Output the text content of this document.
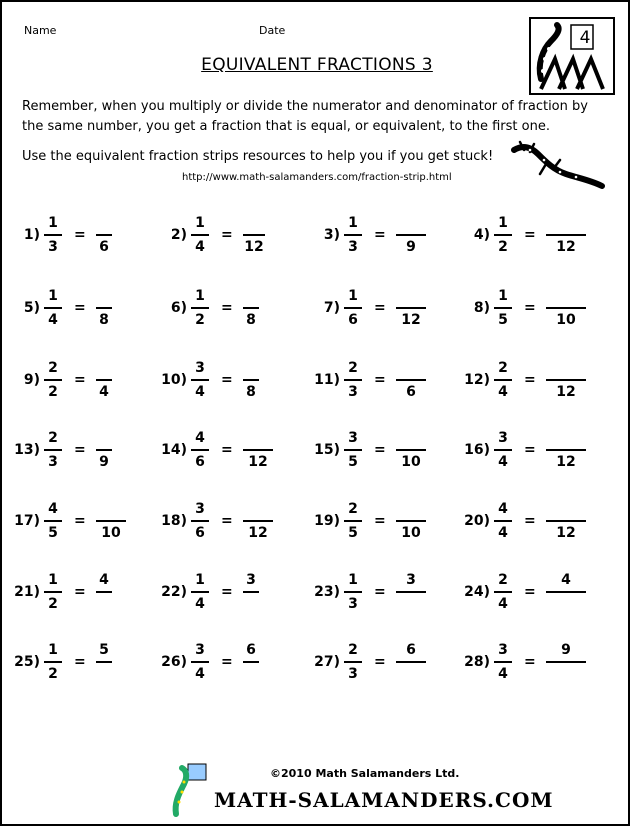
Name	Date	4
EQUIVALENT FRACTIONS 3
Remember, when you multiply or divide the numerator and denominator of fraction by the same number, you get a fraction that is equal, or equivalent, to the first one.
Use the equivalent fraction strips resources to help you if you get stuck!
http://www.math-salamanders.com/fraction-strip.html
1)
1
3
=
6
2)
1
4
=
12
3)
1
3
=
9
4)
1
2
=
12
5)
1
4
=
8
6)
1
2
=
8
7)
1
6
=
12
8)
1
5
=
10
9)
2
2
=
4
10)
3
4
=
8
11)
2
3
=
6
12)
2
4
=
12
13)
2
3
=
9
14)
4
6
=
12
15)
3
5
=
10
16)
3
4
=
12
17)
4
5
=
10
18)
3
6
=
12
19)
2
5
=
10
20)
4
4
=
12
21)
1
2
=
4
22)
1
4
=
3
23)
1
3
=
3
24)
2
4
=
4
25)
1
2
=
5
26)
3
4
=
6
27)
2
3
=
6
28)
3
4
=
9
©2010 Math Salamanders Ltd.
MATH-SALAMANDERS.COM
